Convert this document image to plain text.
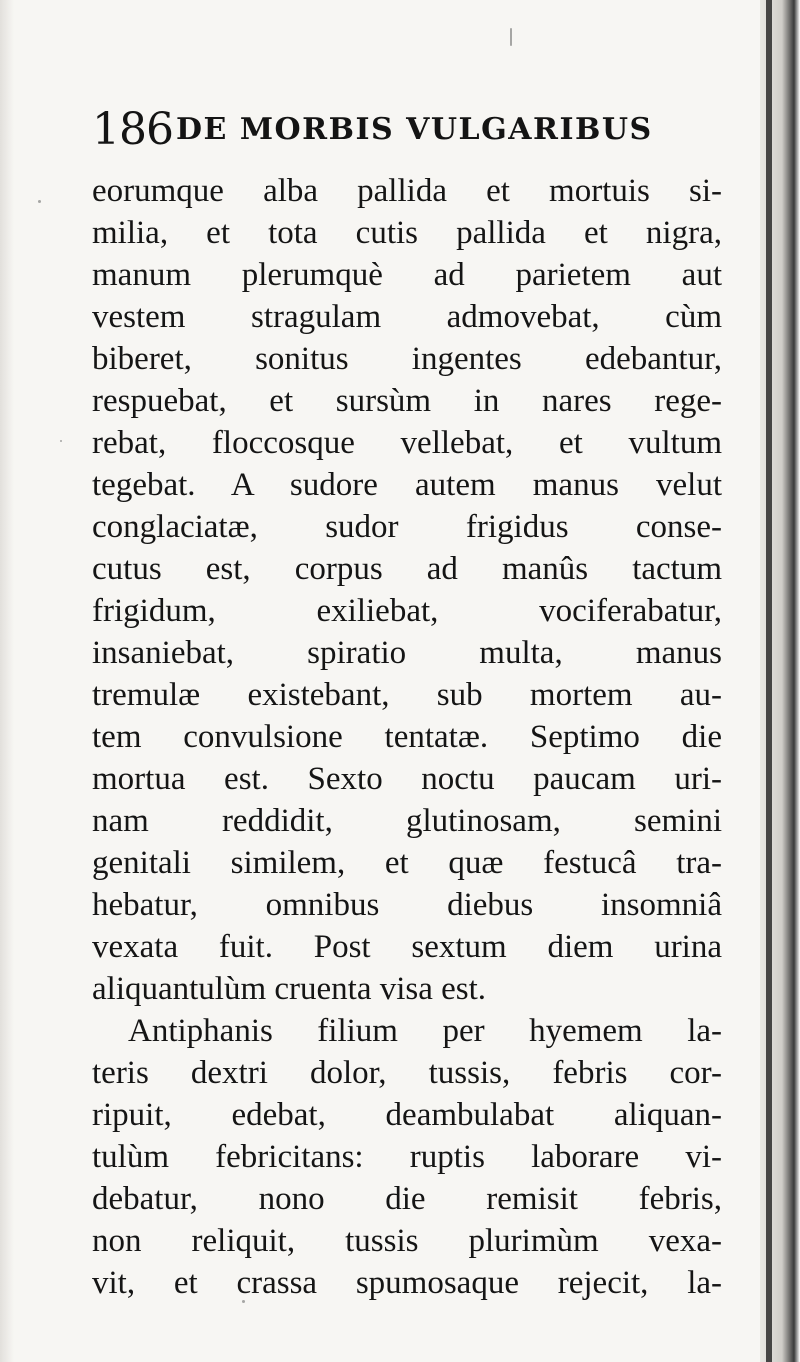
186 DE MORBIS VULGARIBUS
eorumque alba pallida et mortuis si-
milia, et tota cutis pallida et nigra,
manum plerumquè ad parietem aut
vestem stragulam admovebat, cùm
biberet, sonitus ingentes edebantur,
respuebat, et sursùm in nares rege-
rebat, floccosque vellebat, et vultum
tegebat. A sudore autem manus velut
conglaciatæ, sudor frigidus conse-
cutus est, corpus ad manûs tactum
frigidum, exiliebat, vociferabatur,
insaniebat, spiratio multa, manus
tremulæ existebant, sub mortem au-
tem convulsione tentatæ. Septimo die
mortua est. Sexto noctu paucam uri-
nam reddidit, glutinosam, semini
genitali similem, et quæ festucâ tra-
hebatur, omnibus diebus insomniâ
vexata fuit. Post sextum diem urina
aliquantulùm cruenta visa est.
Antiphanis filium per hyemem la-
teris dextri dolor, tussis, febris cor-
ripuit, edebat, deambulabat aliquan-
tulùm febricitans: ruptis laborare vi-
debatur, nono die remisit febris,
non reliquit, tussis plurimùm vexa-
vit, et crassa spumosaque rejecit, la-
